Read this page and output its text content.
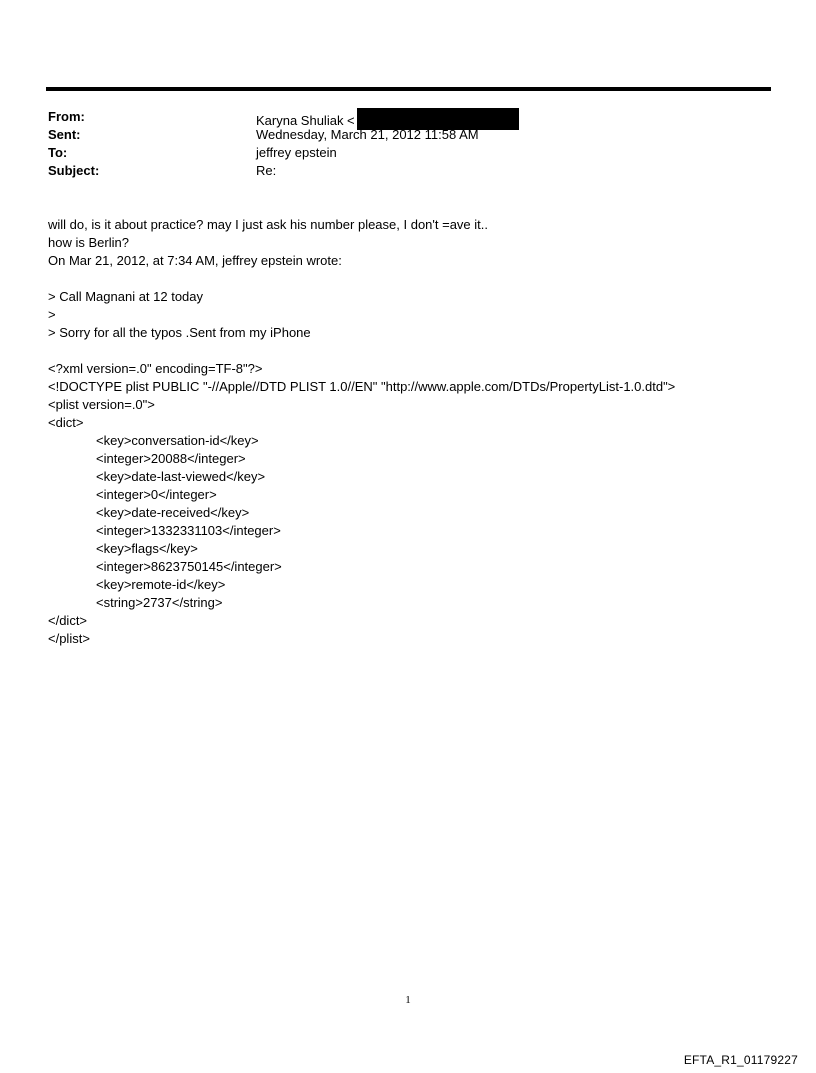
From:	Karyna Shuliak <
Sent:	Wednesday, March 21, 2012 11:58 AM
To:	jeffrey epstein
Subject:	Re:
will do, is it about practice? may I just ask his number please, I don't =ave it..
how is Berlin?
On Mar 21, 2012, at 7:34 AM, jeffrey epstein wrote:
> Call Magnani at 12 today
>
> Sorry for all the typos .Sent from my iPhone
<?xml version=.0" encoding=TF-8"?>
<!DOCTYPE plist PUBLIC "-//Apple//DTD PLIST 1.0//EN" "http://www.apple.com/DTDs/PropertyList-1.0.dtd">
<plist version=.0">
<dict>
<key>conversation-id</key>
<integer>20088</integer>
<key>date-last-viewed</key>
<integer>0</integer>
<key>date-received</key>
<integer>1332331103</integer>
<key>flags</key>
<integer>8623750145</integer>
<key>remote-id</key>
<string>2737</string>
</dict>
</plist>
1
EFTA_R1_01179227
